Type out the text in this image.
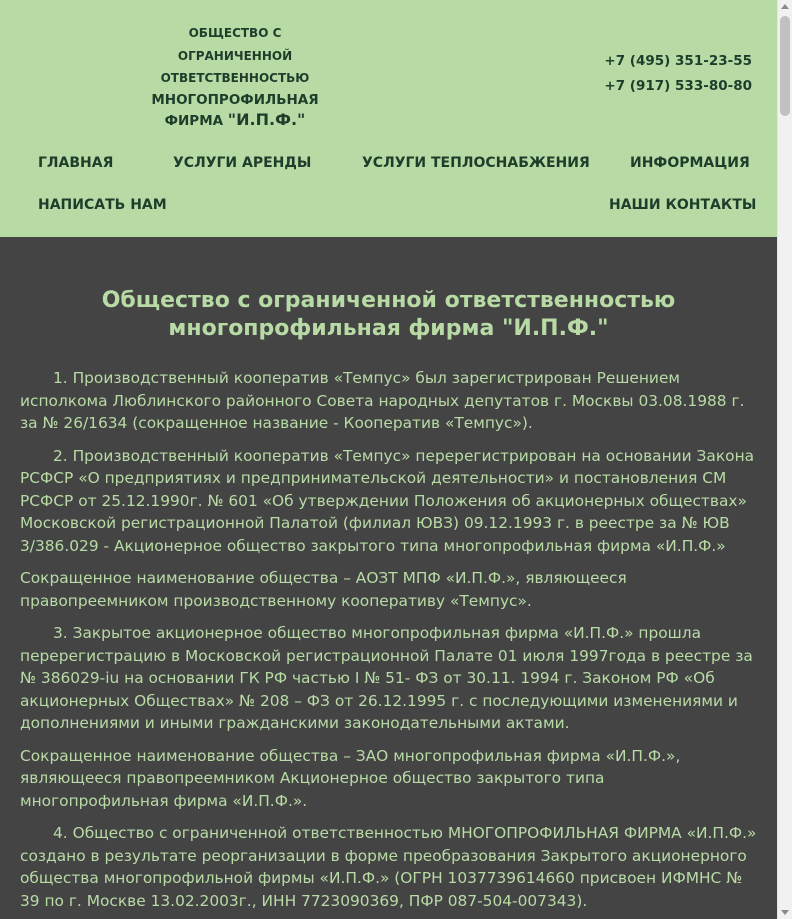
ОБЩЕСТВО С
ОГРАНИЧЕННОЙ
ОТВЕТСТВЕННОСТЬЮ
МНОГОПРОФИЛЬНАЯ
ФИРМА "И.П.Ф."
+7 (495) 351-23-55
+7 (917) 533-80-80
ГЛАВНАЯ	УСЛУГИ АРЕНДЫ	УСЛУГИ ТЕПЛОСНАБЖЕНИЯ	ИНФОРМАЦИЯ
НАПИСАТЬ НАМ	НАШИ КОНТАКТЫ
Общество с ограниченной ответственностью многопрофильная фирма "И.П.Ф."

1. Производственный кооператив «Темпус» был зарегистрирован Решением исполкома Люблинского районного Совета народных депутатов г. Москвы 03.08.1988 г. за № 26/1634 (сокращенное название - Кооператив «Темпус»).

2. Производственный кооператив «Темпус» перерегистрирован на основании Закона РСФСР «О предприятиях и предпринимательской деятельности» и постановления СМ РСФСР от 25.12.1990г. № 601 «Об утверждении Положения об акционерных обществах» Московской регистрационной Палатой (филиал ЮВЗ) 09.12.1993 г. в реестре за № ЮВ 3/386.029 - Акционерное общество закрытого типа многопрофильная фирма «И.П.Ф.»

Сокращенное наименование общества – АОЗТ МПФ «И.П.Ф.», являющееся правопреемником производственному кооперативу «Темпус».

3. Закрытое акционерное общество многопрофильная фирма «И.П.Ф.» прошла перерегистрацию в Московской регистрационной Палате 01 июля 1997года в реестре за № 386029-iu на основании ГК РФ частью I № 51- ФЗ от 30.11. 1994 г. Законом РФ «Об акционерных Обществах» № 208 – ФЗ от 26.12.1995 г. с последующими изменениями и дополнениями и иными гражданскими законодательными актами.

Сокращенное наименование общества – ЗАО многопрофильная фирма «И.П.Ф.», являющееся правопреемником Акционерное общество закрытого типа многопрофильная фирма «И.П.Ф.».

4. Общество с ограниченной ответственностью МНОГОПРОФИЛЬНАЯ ФИРМА «И.П.Ф.» создано в результате реорганизации в форме преобразования Закрытого акционерного общества многопрофильной фирмы «И.П.Ф.» (ОГРН 1037739614660 присвоен ИФМНС № 39 по г. Москве 13.02.2003г., ИНН 7723090369, ПФР 087-504-007343).
